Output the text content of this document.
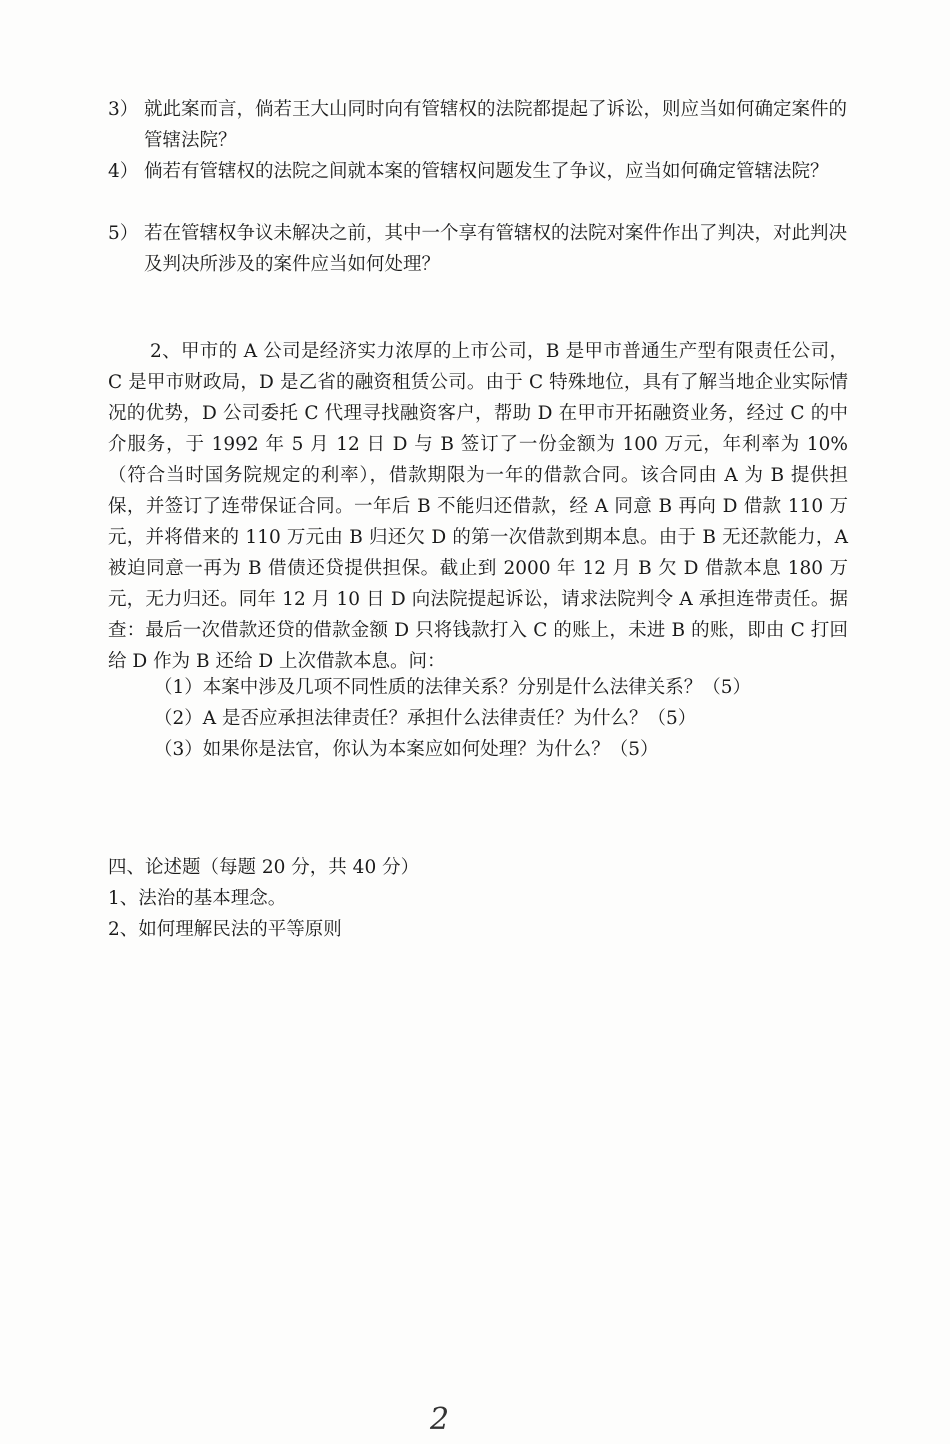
3） 就此案而言，倘若王大山同时向有管辖权的法院都提起了诉讼，则应当如何确定案件的管辖法院？
4） 倘若有管辖权的法院之间就本案的管辖权问题发生了争议，应当如何确定管辖法院？
5） 若在管辖权争议未解决之前，其中一个享有管辖权的法院对案件作出了判决，对此判决及判决所涉及的案件应当如何处理？

2、甲市的 A 公司是经济实力浓厚的上市公司，B 是甲市普通生产型有限责任公司，C 是甲市财政局，D 是乙省的融资租赁公司。由于 C 特殊地位，具有了解当地企业实际情况的优势，D 公司委托 C 代理寻找融资客户，帮助 D 在甲市开拓融资业务，经过 C 的中介服务，于 1992 年 5 月 12 日 D 与 B 签订了一份金额为 100 万元，年利率为 10%（符合当时国务院规定的利率），借款期限为一年的借款合同。该合同由 A 为 B 提供担保，并签订了连带保证合同。一年后 B 不能归还借款，经 A 同意 B 再向 D 借款 110 万元，并将借来的 110 万元由 B 归还欠 D 的第一次借款到期本息。由于 B 无还款能力，A 被迫同意一再为 B 借债还贷提供担保。截止到 2000 年 12 月 B 欠 D 借款本息 180 万元，无力归还。同年 12 月 10 日 D 向法院提起诉讼，请求法院判令 A 承担连带责任。据查：最后一次借款还贷的借款金额 D 只将钱款打入 C 的账上，未进 B 的账，即由 C 打回给 D 作为 B 还给 D 上次借款本息。问：

（1）本案中涉及几项不同性质的法律关系？分别是什么法律关系？（5）
（2）A 是否应承担法律责任？承担什么法律责任？为什么？（5）
（3）如果你是法官，你认为本案应如何处理？为什么？（5）
四、论述题（每题 20 分，共 40 分）
1、法治的基本理念。
2、如何理解民法的平等原则
2
